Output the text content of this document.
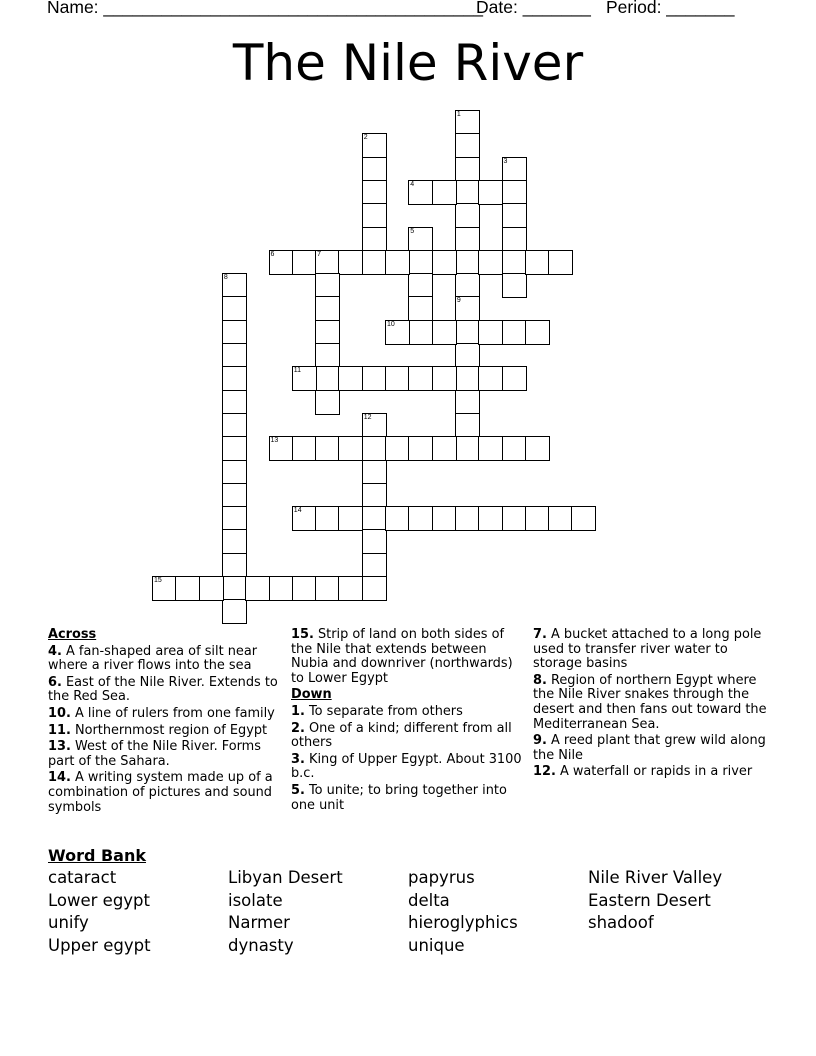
Name: _______________________________________
Date: _______ Period: _______
The Nile River
1
2
3
4
5
6	7
8
9
10
11
12
13
14
15
Across
4. A fan-shaped area of silt near where a river flows into the sea
6. East of the Nile River. Extends to the Red Sea.
10. A line of rulers from one family
11. Northernmost region of Egypt
13. West of the Nile River. Forms part of the Sahara.
14. A writing system made up of a combination of pictures and sound symbols
15. Strip of land on both sides of the Nile that extends between Nubia and downriver (northwards) to Lower Egypt
Down
1. To separate from others
2. One of a kind; different from all others
3. King of Upper Egypt. About 3100 b.c.
5. To unite; to bring together into one unit
7. A bucket attached to a long pole used to transfer river water to storage basins
8. Region of northern Egypt where the Nile River snakes through the desert and then fans out toward the Mediterranean Sea.
9. A reed plant that grew wild along the Nile
12. A waterfall or rapids in a river
Word Bank
cataract
Lower egypt
unify
Upper egypt
Libyan Desert
isolate
Narmer
dynasty
papyrus
delta
hieroglyphics
unique
Nile River Valley
Eastern Desert
shadoof
